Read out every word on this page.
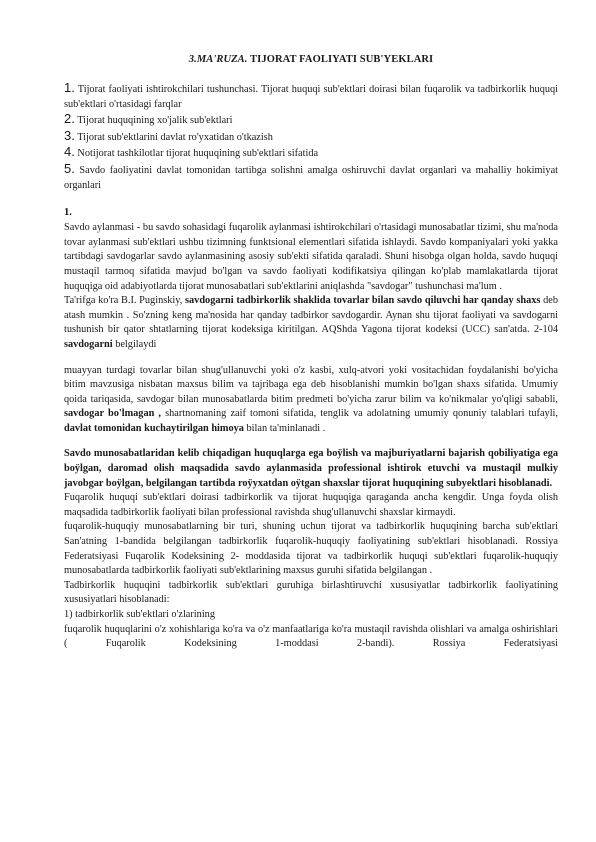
3.MA'RUZA. TIJORAT FAOLIYATI SUB'YEKLARI

1. Tijorat faoliyati ishtirokchilari tushunchasi. Tijorat huquqi sub'ektlari doirasi bilan fuqarolik va tadbirkorlik huquqi sub'ektlari o'rtasidagi farqlar

2. Tijorat huquqining xo'jalik sub'ektlari

3. Tijorat sub'ektlarini davlat ro'yxatidan o'tkazish

4. Notijorat tashkilotlar tijorat huquqining sub'ektlari sifatida

5. Savdo faoliyatini davlat tomonidan tartibga solishni amalga oshiruvchi davlat organlari va mahalliy hokimiyat organlari

1.

Savdo aylanmasi - bu savdo sohasidagi fuqarolik aylanmasi ishtirokchilari o'rtasidagi munosabatlar tizimi, shu ma'noda tovar aylanmasi sub'ektlari ushbu tizimning funktsional elementlari sifatida ishlaydi. Savdo kompaniyalari yoki yakka tartibdagi savdogarlar savdo aylanmasining asosiy sub'ekti sifatida qaraladi. Shuni hisobga olgan holda, savdo huquqi mustaqil tarmoq sifatida mavjud bo'lgan va savdo faoliyati kodifikatsiya qilingan ko'plab mamlakatlarda tijorat huquqiga oid adabiyotlarda tijorat munosabatlari sub'ektlarini aniqlashda "savdogar" tushunchasi ma'lum .

Ta'rifga ko'ra B.I. Puginskiy, savdogarni tadbirkorlik shaklida tovarlar bilan savdo qiluvchi har qanday shaxs deb atash mumkin . So'zning keng ma'nosida har qanday tadbirkor savdogardir. Aynan shu tijorat faoliyati va savdogarni tushunish bir qator shtatlarning tijorat kodeksiga kiritilgan. AQShda Yagona tijorat kodeksi (UCC) san'atda. 2-104 savdogarni belgilaydi

muayyan turdagi tovarlar bilan shug'ullanuvchi yoki o'z kasbi, xulq-atvori yoki vositachidan foydalanishi bo'yicha bitim mavzusiga nisbatan maxsus bilim va tajribaga ega deb hisoblanishi mumkin bo'lgan shaxs sifatida. Umumiy qoida tariqasida, savdogar bilan munosabatlarda bitim predmeti bo'yicha zarur bilim va ko'nikmalar yo'qligi sababli, savdogar bo'lmagan , shartnomaning zaif tomoni sifatida, tenglik va adolatning umumiy qonuniy talablari tufayli, davlat tomonidan kuchaytirilgan himoya bilan ta'minlanadi .

Savdo munosabatlaridan kelib chiqadigan huquqlarga ega boÿlish va majburiyatlarni bajarish qobiliyatiga ega boÿlgan, daromad olish maqsadida savdo aylanmasida professional ishtirok etuvchi va mustaqil mulkiy javobgar boÿlgan, belgilangan tartibda roÿyxatdan oÿtgan shaxslar tijorat huquqining subyektlari hisoblanadi.

Fuqarolik huquqi sub'ektlari doirasi tadbirkorlik va tijorat huquqiga qaraganda ancha kengdir. Unga foyda olish maqsadida tadbirkorlik faoliyati bilan professional ravishda shug'ullanuvchi shaxslar kirmaydi.

fuqarolik-huquqiy munosabatlarning bir turi, shuning uchun tijorat va tadbirkorlik huquqining barcha sub'ektlari San'atning 1-bandida belgilangan tadbirkorlik fuqarolik-huquqiy faoliyatining sub'ektlari hisoblanadi. Rossiya Federatsiyasi Fuqarolik Kodeksining 2- moddasida tijorat va tadbirkorlik huquqi sub'ektlari fuqarolik-huquqiy munosabatlarda tadbirkorlik faoliyati sub'ektlarining maxsus guruhi sifatida belgilangan .

Tadbirkorlik huquqini tadbirkorlik sub'ektlari guruhiga birlashtiruvchi xususiyatlar tadbirkorlik faoliyatining xususiyatlari hisoblanadi:

1) tadbirkorlik sub'ektlari o'zlarining

fuqarolik huquqlarini o'z xohishlariga ko'ra va o'z manfaatlariga ko'ra mustaqil ravishda olishlari va amalga oshirishlari ( Fuqarolik Kodeksining 1-moddasi 2-bandi). Rossiya Federatsiyasi
